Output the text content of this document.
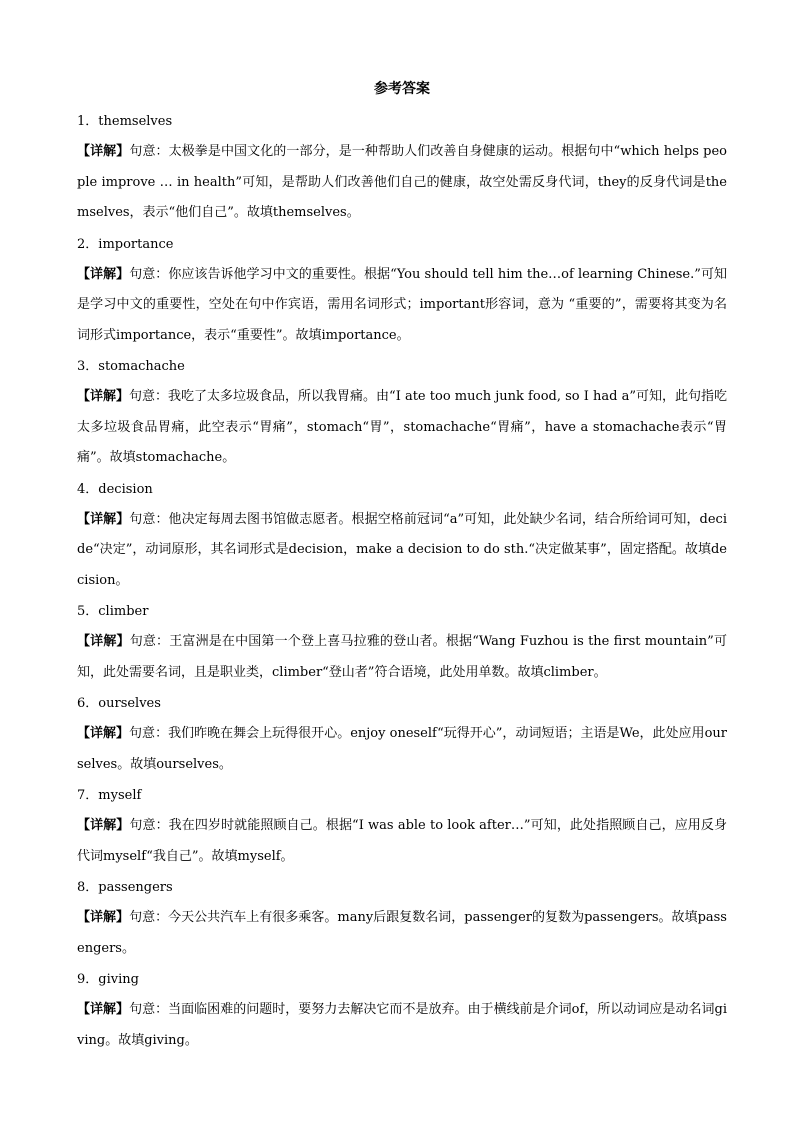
参考答案
1．themselves
【详解】句意：太极拳是中国文化的一部分，是一种帮助人们改善自身健康的运动。根据句中“which helps people improve … in health”可知，是帮助人们改善他们自己的健康，故空处需反身代词，they的反身代词是themselves，表示“他们自己”。故填themselves。
2．importance
【详解】句意：你应该告诉他学习中文的重要性。根据“You should tell him the…of learning Chinese.”可知是学习中文的重要性，空处在句中作宾语，需用名词形式；important形容词，意为 “重要的”，需要将其变为名词形式importance，表示“重要性”。故填importance。
3．stomachache
【详解】句意：我吃了太多垃圾食品，所以我胃痛。由“I ate too much junk food, so I had a”可知，此句指吃太多垃圾食品胃痛，此空表示“胃痛”，stomach“胃”，stomachache“胃痛”，have a stomachache表示“胃痛”。故填stomachache。
4．decision
【详解】句意：他决定每周去图书馆做志愿者。根据空格前冠词“a”可知，此处缺少名词，结合所给词可知，decide“决定”，动词原形，其名词形式是decision，make a decision to do sth.“决定做某事”，固定搭配。故填decision。
5．climber
【详解】句意：王富洲是在中国第一个登上喜马拉雅的登山者。根据“Wang Fuzhou is the first mountain”可知，此处需要名词，且是职业类，climber“登山者”符合语境，此处用单数。故填climber。
6．ourselves
【详解】句意：我们昨晚在舞会上玩得很开心。enjoy oneself“玩得开心”，动词短语；主语是We，此处应用ourselves。故填ourselves。
7．myself
【详解】句意：我在四岁时就能照顾自己。根据“I was able to look after…”可知，此处指照顾自己，应用反身代词myself“我自己”。故填myself。
8．passengers
【详解】句意：今天公共汽车上有很多乘客。many后跟复数名词，passenger的复数为passengers。故填passengers。
9．giving
【详解】句意：当面临困难的问题时，要努力去解决它而不是放弃。由于横线前是介词of，所以动词应是动名词giving。故填giving。
